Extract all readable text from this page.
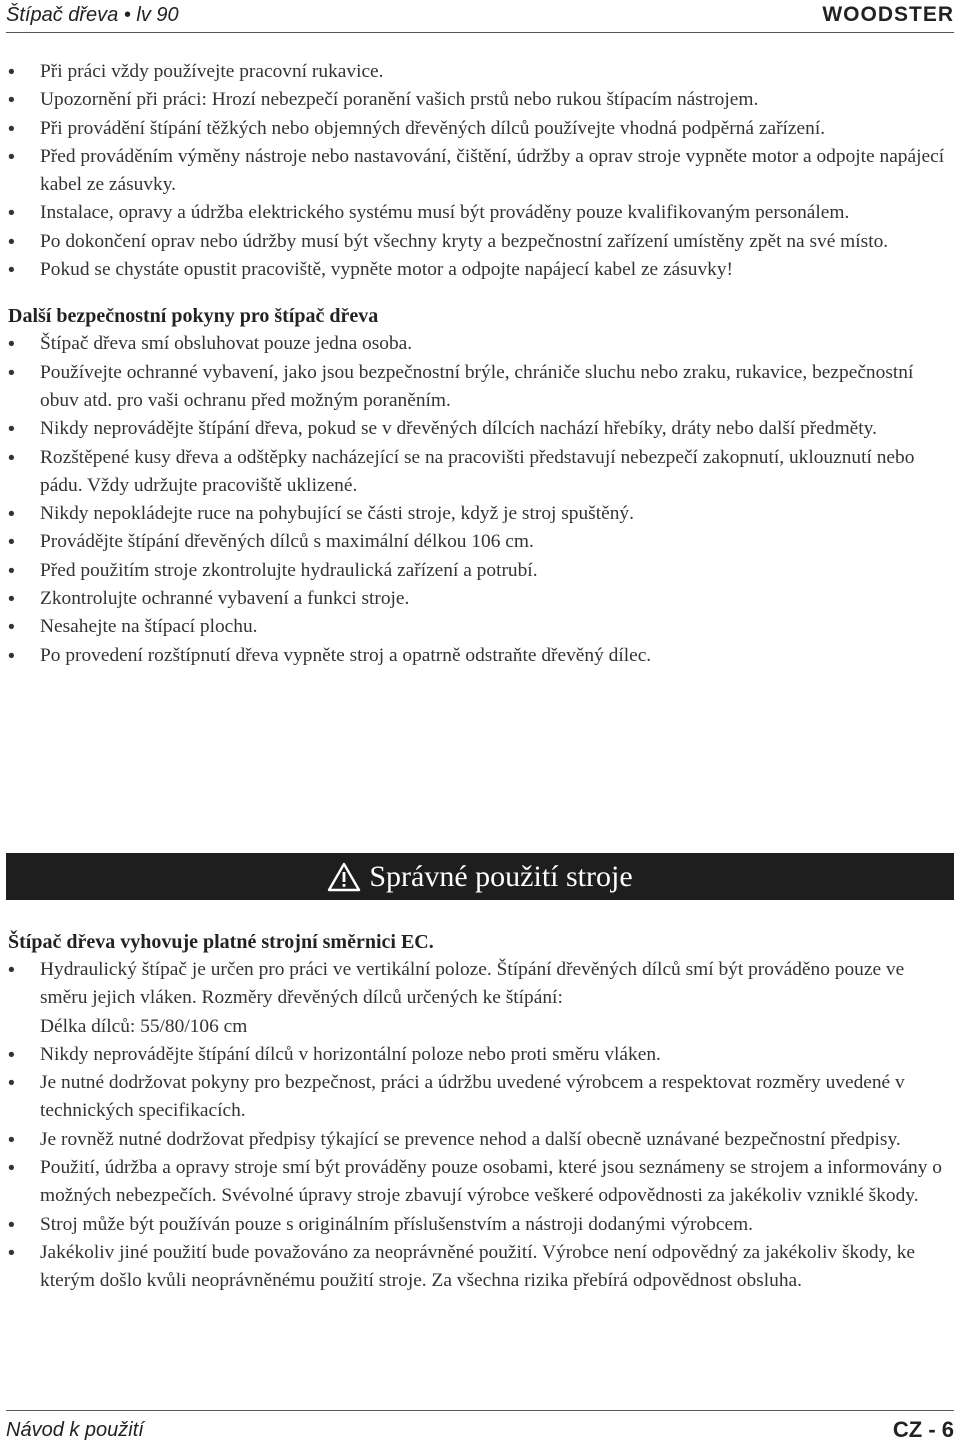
Štípač dřeva • lv 90	WOODSTER
• Při práci vždy používejte pracovní rukavice.
• Upozornění při práci: Hrozí nebezpečí poranění vašich prstů nebo rukou štípacím nástrojem.
• Při provádění štípání těžkých nebo objemných dřevěných dílců používejte vhodná podpěrná zařízení.
• Před prováděním výměny nástroje nebo nastavování, čištění, údržby a oprav stroje vypněte motor a odpojte napájecí kabel ze zásuvky.
• Instalace, opravy a údržba elektrického systému musí být prováděny pouze kvalifikovaným personálem.
• Po dokončení oprav nebo údržby musí být všechny kryty a bezpečnostní zařízení umístěny zpět na své místo.
• Pokud se chystáte opustit pracoviště, vypněte motor a odpojte napájecí kabel ze zásuvky!

Další bezpečnostní pokyny pro štípač dřeva

• Štípač dřeva smí obsluhovat pouze jedna osoba.
• Používejte ochranné vybavení, jako jsou bezpečnostní brýle, chrániče sluchu nebo zraku, rukavice, bezpečnostní obuv atd. pro vaši ochranu před možným poraněním.
• Nikdy neprovádějte štípání dřeva, pokud se v dřevěných dílcích nachází hřebíky, dráty nebo další předměty.
• Rozštěpené kusy dřeva a odštěpky nacházející se na pracovišti představují nebezpečí zakopnutí, uklouznutí nebo pádu. Vždy udržujte pracoviště uklizené.
• Nikdy nepokládejte ruce na pohybující se části stroje, když je stroj spuštěný.
• Provádějte štípání dřevěných dílců s maximální délkou 106 cm.
• Před použitím stroje zkontrolujte hydraulická zařízení a potrubí.
• Zkontrolujte ochranné vybavení a funkci stroje.
• Nesahejte na štípací plochu.
• Po provedení rozštípnutí dřeva vypněte stroj a opatrně odstraňte dřevěný dílec.
Správné použití stroje

Štípač dřeva vyhovuje platné strojní směrnici EC.

• Hydraulický štípač je určen pro práci ve vertikální poloze. Štípání dřevěných dílců smí být prováděno pouze ve směru jejich vláken. Rozměry dřevěných dílců určených ke štípání:
Délka dílců: 55/80/106 cm
• Nikdy neprovádějte štípání dílců v horizontální poloze nebo proti směru vláken.
• Je nutné dodržovat pokyny pro bezpečnost, práci a údržbu uvedené výrobcem a respektovat rozměry uvedené v technických specifikacích.
• Je rovněž nutné dodržovat předpisy týkající se prevence nehod a další obecně uznávané bezpečnostní předpisy.
• Použití, údržba a opravy stroje smí být prováděny pouze osobami, které jsou seznámeny se strojem a informovány o možných nebezpečích. Svévolné úpravy stroje zbavují výrobce veškeré odpovědnosti za jakékoliv vzniklé škody.
• Stroj může být používán pouze s originálním příslušenstvím a nástroji dodanými výrobcem.
• Jakékoliv jiné použití bude považováno za neoprávněné použití. Výrobce není odpovědný za jakékoliv škody, ke kterým došlo kvůli neoprávněnému použití stroje. Za všechna rizika přebírá odpovědnost obsluha.
Návod k použití	CZ - 6
